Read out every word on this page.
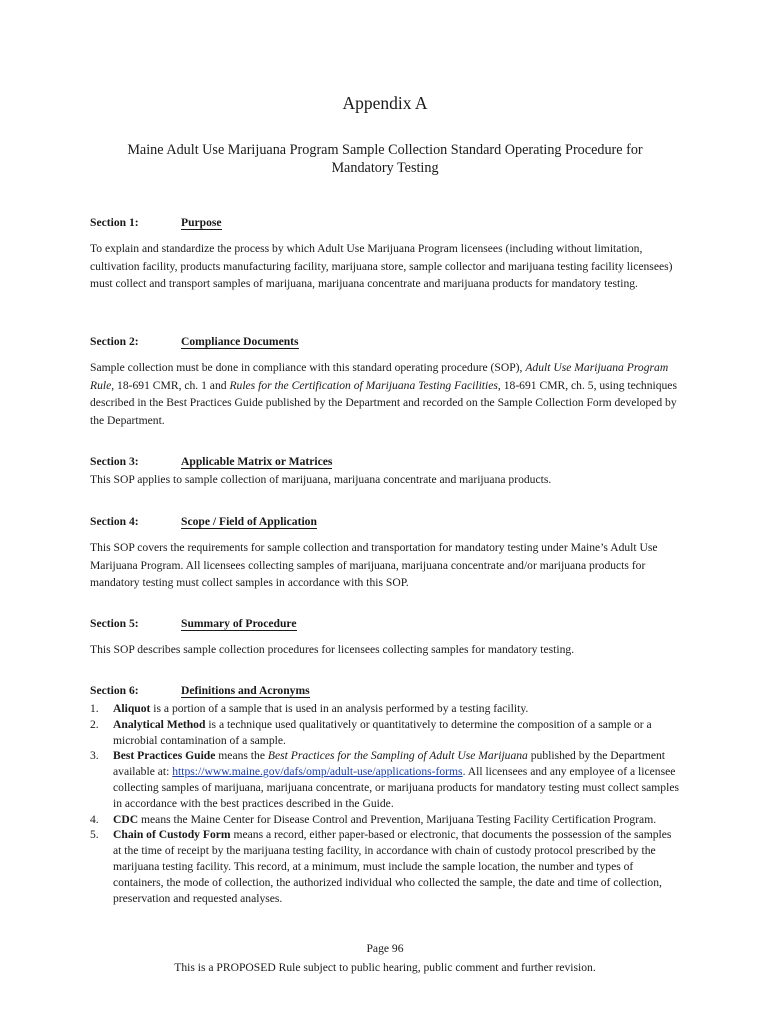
Appendix A
Maine Adult Use Marijuana Program Sample Collection Standard Operating Procedure for Mandatory Testing
Section 1:	Purpose
To explain and standardize the process by which Adult Use Marijuana Program licensees (including without limitation, cultivation facility, products manufacturing facility, marijuana store, sample collector and marijuana testing facility licensees) must collect and transport samples of marijuana, marijuana concentrate and marijuana products for mandatory testing.
Section 2:	Compliance Documents
Sample collection must be done in compliance with this standard operating procedure (SOP), Adult Use Marijuana Program Rule, 18-691 CMR, ch. 1 and Rules for the Certification of Marijuana Testing Facilities, 18-691 CMR, ch. 5, using techniques described in the Best Practices Guide published by the Department and recorded on the Sample Collection Form developed by the Department.
Section 3:	Applicable Matrix or Matrices
This SOP applies to sample collection of marijuana, marijuana concentrate and marijuana products.
Section 4:	Scope / Field of Application
This SOP covers the requirements for sample collection and transportation for mandatory testing under Maine’s Adult Use Marijuana Program. All licensees collecting samples of marijuana, marijuana concentrate and/or marijuana products for mandatory testing must collect samples in accordance with this SOP.
Section 5:	Summary of Procedure
This SOP describes sample collection procedures for licensees collecting samples for mandatory testing.
Section 6:	Definitions and Acronyms
1. Aliquot is a portion of a sample that is used in an analysis performed by a testing facility.
2. Analytical Method is a technique used qualitatively or quantitatively to determine the composition of a sample or a microbial contamination of a sample.
3. Best Practices Guide means the Best Practices for the Sampling of Adult Use Marijuana published by the Department available at: https://www.maine.gov/dafs/omp/adult-use/applications-forms. All licensees and any employee of a licensee collecting samples of marijuana, marijuana concentrate, or marijuana products for mandatory testing must collect samples in accordance with the best practices described in the Guide.
4. CDC means the Maine Center for Disease Control and Prevention, Marijuana Testing Facility Certification Program.
5. Chain of Custody Form means a record, either paper-based or electronic, that documents the possession of the samples at the time of receipt by the marijuana testing facility, in accordance with chain of custody protocol prescribed by the marijuana testing facility. This record, at a minimum, must include the sample location, the number and types of containers, the mode of collection, the authorized individual who collected the sample, the date and time of collection, preservation and requested analyses.
Page 96
This is a PROPOSED Rule subject to public hearing, public comment and further revision.
